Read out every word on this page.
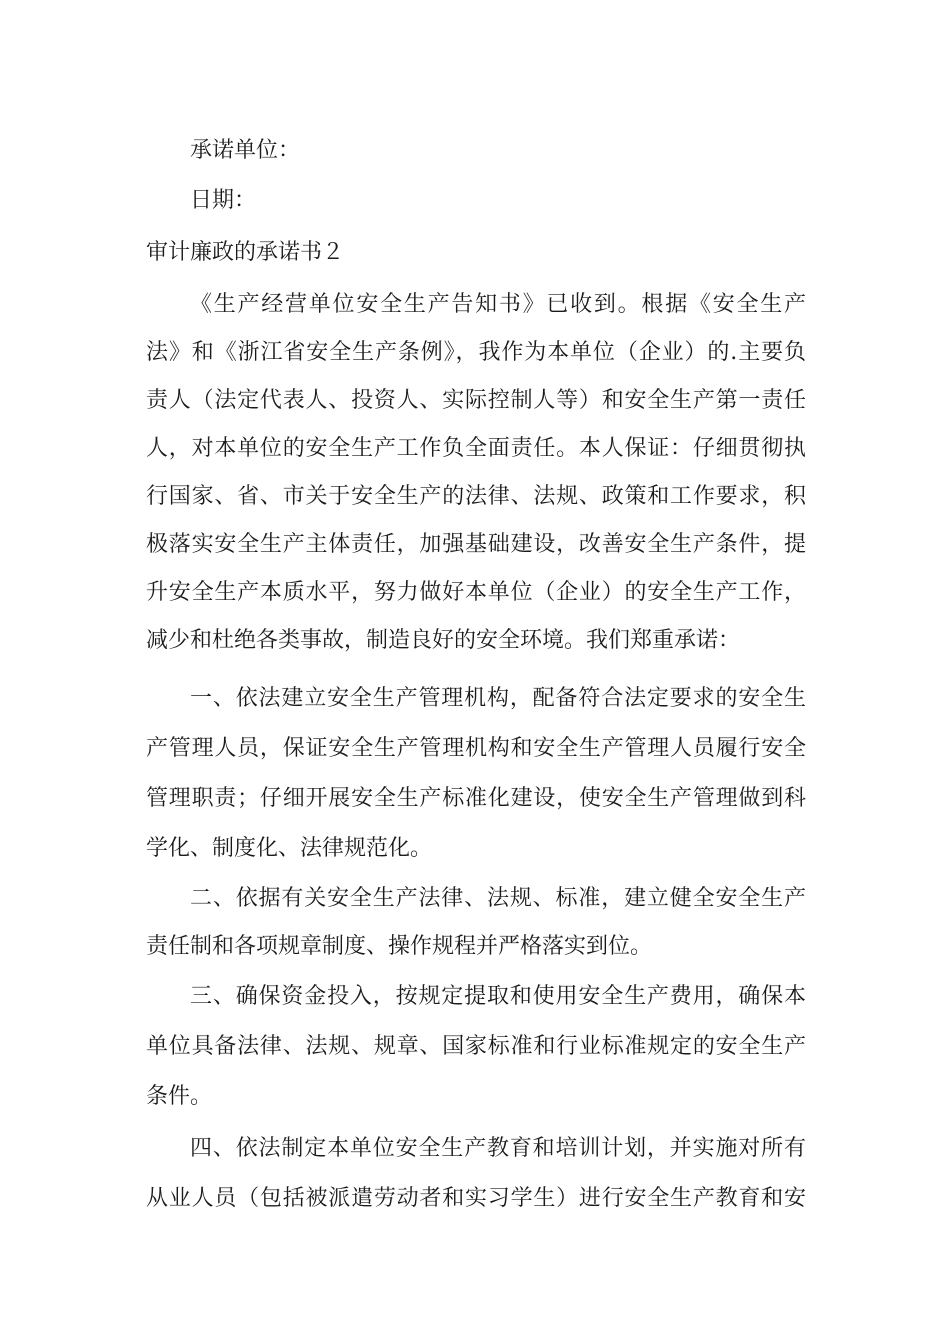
承诺单位：
日期：
审计廉政的承诺书２
《生产经营单位安全生产告知书》已收到。根据《安全生产
法》和《浙江省安全生产条例》，我作为本单位（企业）的.主要负
责人（法定代表人、投资人、实际控制人等）和安全生产第一责任
人，对本单位的安全生产工作负全面责任。本人保证：仔细贯彻执
行国家、省、市关于安全生产的法律、法规、政策和工作要求，积
极落实安全生产主体责任，加强基础建设，改善安全生产条件，提
升安全生产本质水平，努力做好本单位（企业）的安全生产工作，
减少和杜绝各类事故，制造良好的安全环境。我们郑重承诺：
一、依法建立安全生产管理机构，配备符合法定要求的安全生
产管理人员，保证安全生产管理机构和安全生产管理人员履行安全
管理职责；仔细开展安全生产标准化建设，使安全生产管理做到科
学化、制度化、法律规范化。
二、依据有关安全生产法律、法规、标准，建立健全安全生产
责任制和各项规章制度、操作规程并严格落实到位。
三、确保资金投入，按规定提取和使用安全生产费用，确保本
单位具备法律、法规、规章、国家标准和行业标准规定的安全生产
条件。
四、依法制定本单位安全生产教育和培训计划，并实施对所有
从业人员（包括被派遣劳动者和实习学生）进行安全生产教育和安
